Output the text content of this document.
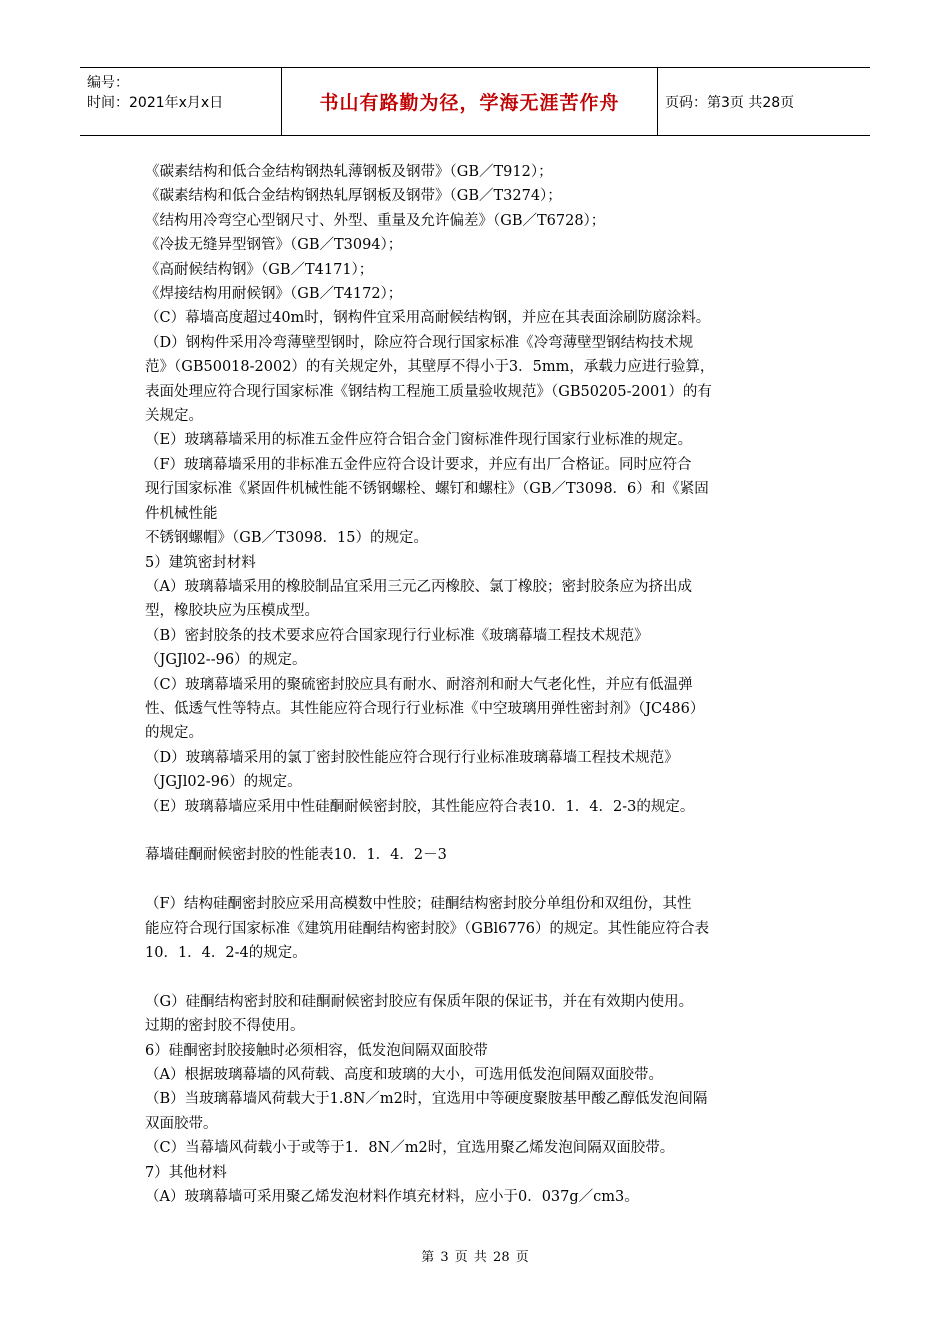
编号：
时间：2021年x月x日	书山有路勤为径，学海无涯苦作舟	页码：第3页 共28页

《碳素结构和低合金结构钢热轧薄钢板及钢带》（GB／T912）；

《碳素结构和低合金结构钢热轧厚钢板及钢带》（GB／T3274）；

《结构用冷弯空心型钢尺寸、外型、重量及允许偏差》（GB／T6728）；

《冷拔无缝异型钢管》（GB／T3094）；

《高耐候结构钢》（GB／T4171）；

《焊接结构用耐候钢》（GB／T4172）；

（C）幕墙高度超过40m时，钢构件宜采用高耐候结构钢，并应在其表面涂刷防腐涂料。

（D）钢构件采用冷弯薄壁型钢时，除应符合现行国家标准《冷弯薄壁型钢结构技术规

范》（GB50018-2002）的有关规定外，其壁厚不得小于3．5mm，承载力应进行验算，

表面处理应符合现行国家标准《钢结构工程施工质量验收规范》（GB50205-2001）的有

关规定。

（E）玻璃幕墙采用的标准五金件应符合铝合金门窗标准件现行国家行业标准的规定。

（F）玻璃幕墙采用的非标准五金件应符合设计要求，并应有出厂合格证。同时应符合

现行国家标准《紧固件机械性能不锈钢螺栓、螺钉和螺柱》（GB／T3098．6）和《紧固

件机械性能

不锈钢螺帽》（GB／T3098．15）的规定。

5）建筑密封材料

（A）玻璃幕墙采用的橡胶制品宜采用三元乙丙橡胶、氯丁橡胶；密封胶条应为挤出成

型，橡胶块应为压模成型。

（B）密封胶条的技术要求应符合国家现行行业标准《玻璃幕墙工程技术规范》

（JGJl02--96）的规定。

（C）玻璃幕墙采用的聚硫密封胶应具有耐水、耐溶剂和耐大气老化性，并应有低温弹

性、低透气性等特点。其性能应符合现行行业标准《中空玻璃用弹性密封剂》（JC486）

的规定。

（D）玻璃幕墙采用的氯丁密封胶性能应符合现行行业标准玻璃幕墙工程技术规范》

（JGJl02-96）的规定。

（E）玻璃幕墙应采用中性硅酮耐候密封胶，其性能应符合表10．1．4．2-3的规定。

幕墙硅酮耐候密封胶的性能表10．1．4．2－3

（F）结构硅酮密封胶应采用高模数中性胶；硅酮结构密封胶分单组份和双组份，其性

能应符合现行国家标准《建筑用硅酮结构密封胶》（GBl6776）的规定。其性能应符合表

10．1．4．2-4的规定。

（G）硅酮结构密封胶和硅酮耐候密封胶应有保质年限的保证书，并在有效期内使用。

过期的密封胶不得使用。

6）硅酮密封胶接触时必须相容，低发泡间隔双面胶带

（A）根据玻璃幕墙的风荷载、高度和玻璃的大小，可选用低发泡间隔双面胶带。

（B）当玻璃幕墙风荷载大于1.8N／m2时，宜选用中等硬度聚胺基甲酸乙醇低发泡间隔

双面胶带。

（C）当幕墙风荷载小于或等于1．8N／m2时，宜选用聚乙烯发泡间隔双面胶带。

7）其他材料

（A）玻璃幕墙可采用聚乙烯发泡材料作填充材料，应小于0．037g／cm3。

第 3 页 共 28 页
